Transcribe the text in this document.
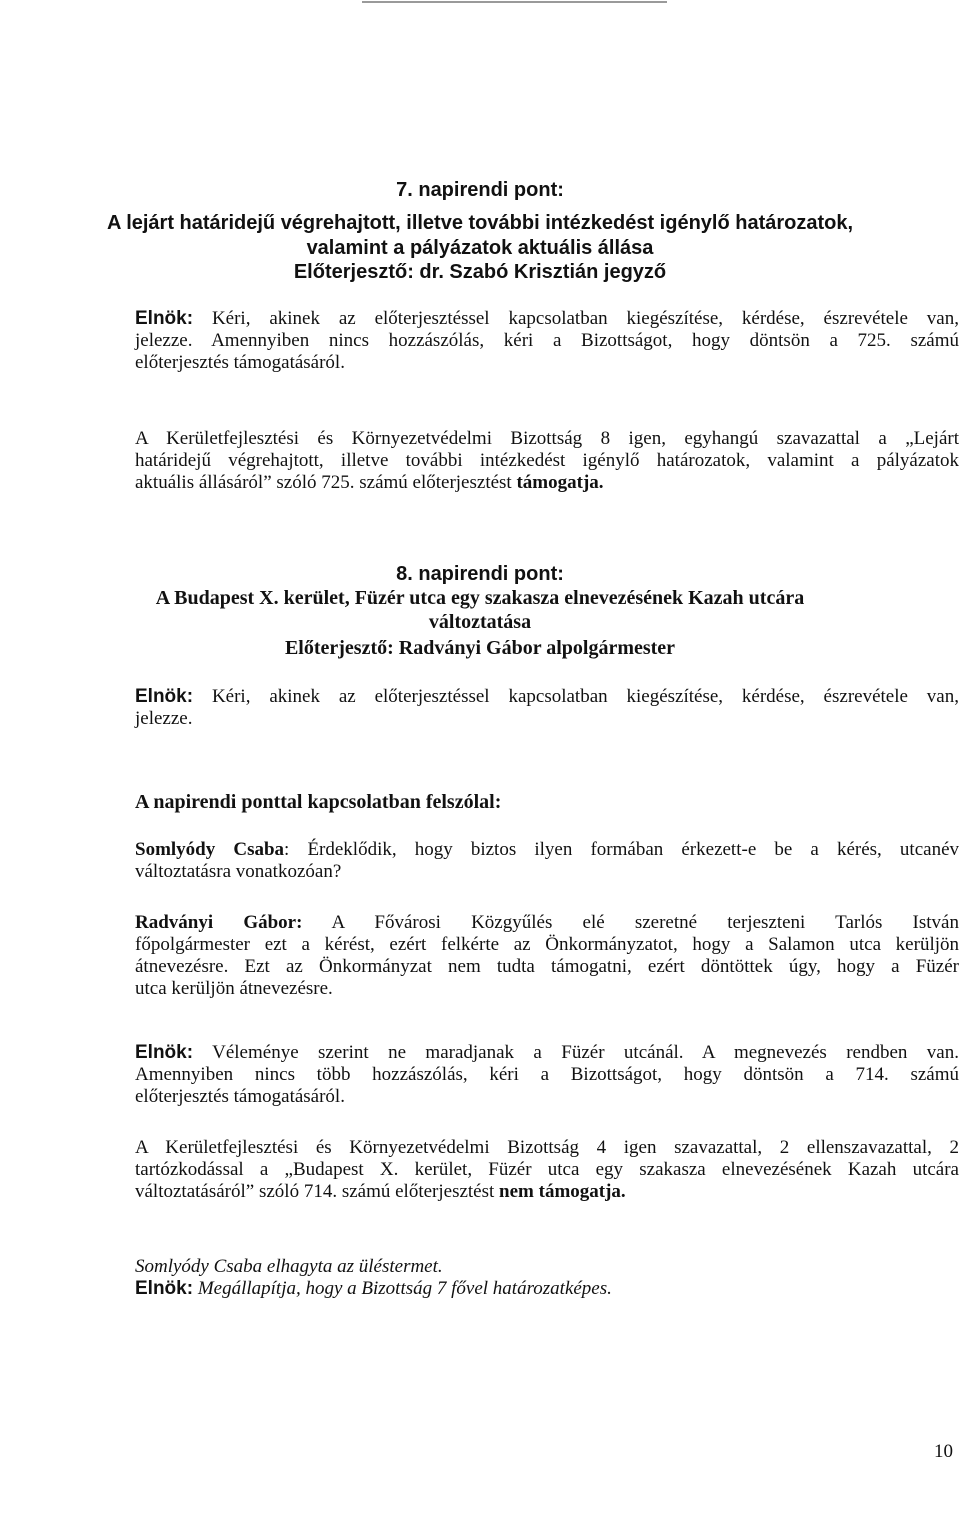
7. napirendi pont:
A lejárt határidejű végrehajtott, illetve további intézkedést igénylő határozatok,
valamint a pályázatok aktuális állása
Előterjesztő: dr. Szabó Krisztián jegyző
Elnök: Kéri, akinek az előterjesztéssel kapcsolatban kiegészítése, kérdése, észrevétele van,
jelezze. Amennyiben nincs hozzászólás, kéri a Bizottságot, hogy döntsön a 725. számú
előterjesztés támogatásáról.
A Kerületfejlesztési és Környezetvédelmi Bizottság 8 igen, egyhangú szavazattal a „Lejárt
határidejű végrehajtott, illetve további intézkedést igénylő határozatok, valamint a pályázatok
aktuális állásáról” szóló 725. számú előterjesztést támogatja.
8. napirendi pont:
A Budapest X. kerület, Füzér utca egy szakasza elnevezésének Kazah utcára
változtatása
Előterjesztő: Radványi Gábor alpolgármester
Elnök: Kéri, akinek az előterjesztéssel kapcsolatban kiegészítése, kérdése, észrevétele van,
jelezze.
A napirendi ponttal kapcsolatban felszólal:
Somlyódy Csaba: Érdeklődik, hogy biztos ilyen formában érkezett-e be a kérés, utcanév
változtatásra vonatkozóan?
Radványi Gábor: A Fővárosi Közgyűlés elé szeretné terjeszteni Tarlós István
főpolgármester ezt a kérést, ezért felkérte az Önkormányzatot, hogy a Salamon utca kerüljön
átnevezésre. Ezt az Önkormányzat nem tudta támogatni, ezért döntöttek úgy, hogy a Füzér
utca kerüljön átnevezésre.
Elnök: Véleménye szerint ne maradjanak a Füzér utcánál. A megnevezés rendben van.
Amennyiben nincs több hozzászólás, kéri a Bizottságot, hogy döntsön a 714. számú
előterjesztés támogatásáról.
A Kerületfejlesztési és Környezetvédelmi Bizottság 4 igen szavazattal, 2 ellenszavazattal, 2
tartózkodással a „Budapest X. kerület, Füzér utca egy szakasza elnevezésének Kazah utcára
változtatásáról” szóló 714. számú előterjesztést nem támogatja.
Somlyódy Csaba elhagyta az üléstermet.
Elnök: Megállapítja, hogy a Bizottság 7 fővel határozatképes.
10
